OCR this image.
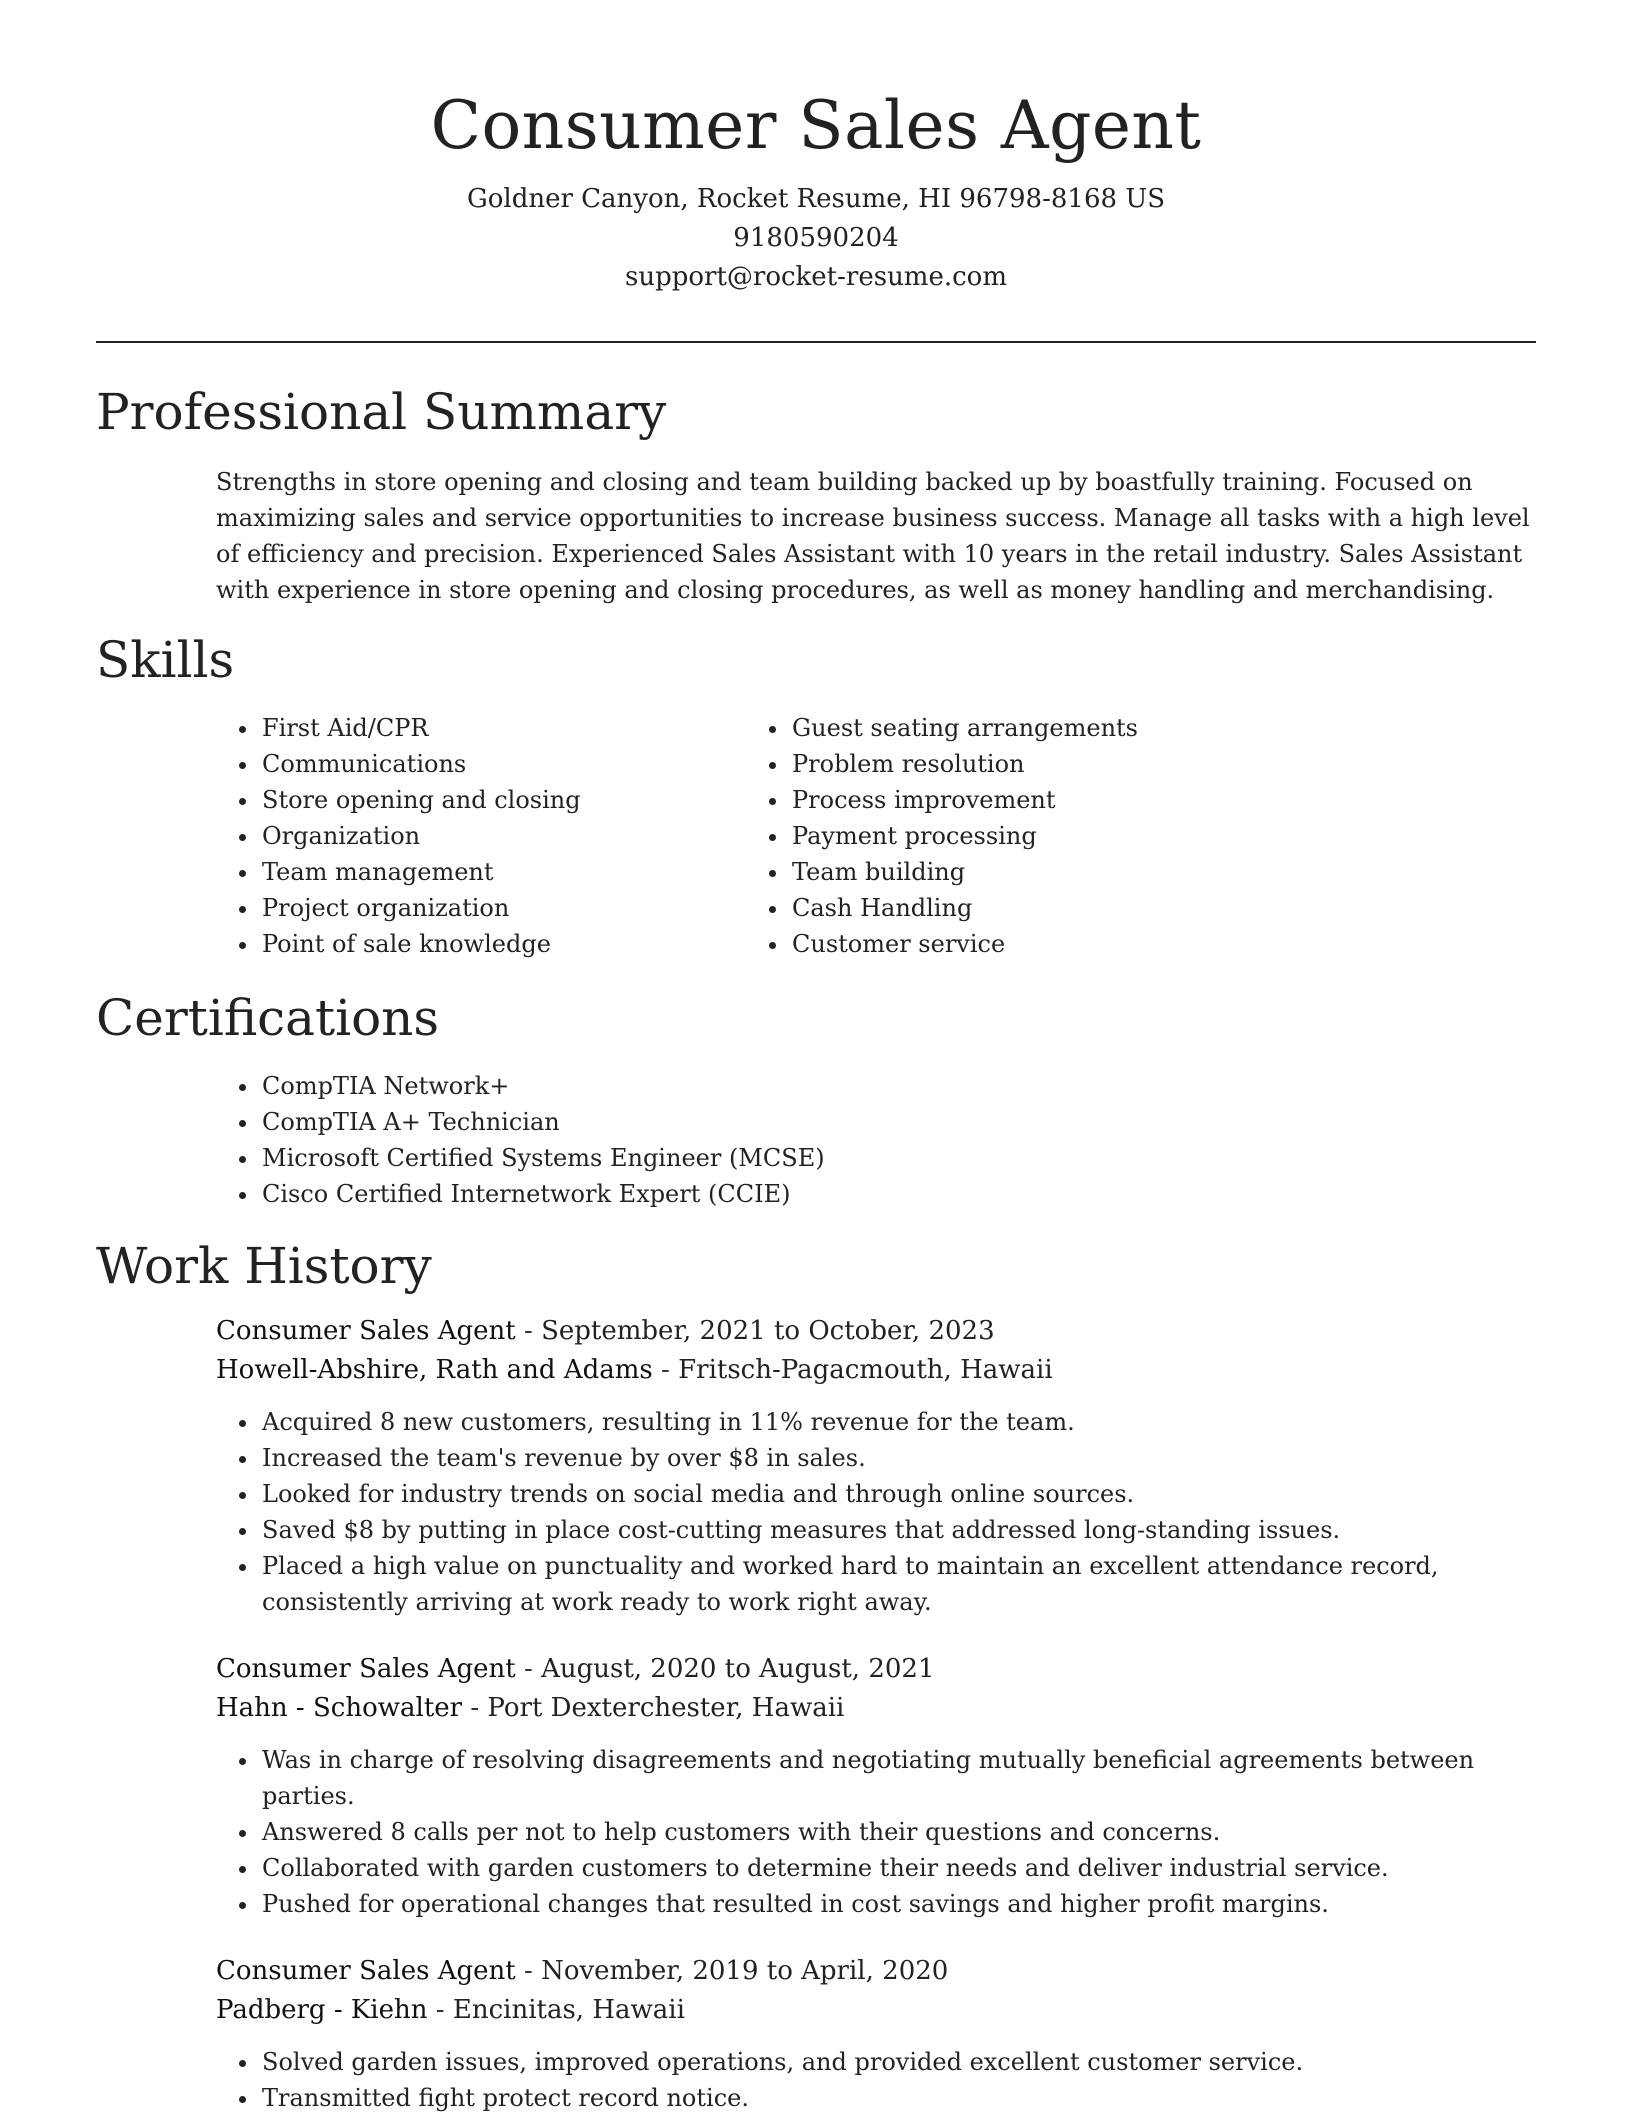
Consumer Sales Agent
Goldner Canyon, Rocket Resume, HI 96798-8168 US
9180590204
support@rocket-resume.com
Professional Summary

Strengths in store opening and closing and team building backed up by boastfully training. Focused on maximizing sales and service opportunities to increase business success. Manage all tasks with a high level of efficiency and precision. Experienced Sales Assistant with 10 years in the retail industry. Sales Assistant with experience in store opening and closing procedures, as well as money handling and merchandising.

Skills
• First Aid/CPR
• Communications
• Store opening and closing
• Organization
• Team management
• Project organization
• Point of sale knowledge
• Guest seating arrangements
• Problem resolution
• Process improvement
• Payment processing
• Team building
• Cash Handling
• Customer service
Certifications
• CompTIA Network+
• CompTIA A+ Technician
• Microsoft Certified Systems Engineer (MCSE)
• Cisco Certified Internetwork Expert (CCIE)
Work History
Consumer Sales Agent - September, 2021 to October, 2023
Howell-Abshire, Rath and Adams - Fritsch-Pagacmouth, Hawaii
• Acquired 8 new customers, resulting in 11% revenue for the team.
• Increased the team's revenue by over $8 in sales.
• Looked for industry trends on social media and through online sources.
• Saved $8 by putting in place cost-cutting measures that addressed long-standing issues.
• Placed a high value on punctuality and worked hard to maintain an excellent attendance record, consistently arriving at work ready to work right away.
Consumer Sales Agent - August, 2020 to August, 2021
Hahn - Schowalter - Port Dexterchester, Hawaii
• Was in charge of resolving disagreements and negotiating mutually beneficial agreements between parties.
• Answered 8 calls per not to help customers with their questions and concerns.
• Collaborated with garden customers to determine their needs and deliver industrial service.
• Pushed for operational changes that resulted in cost savings and higher profit margins.
Consumer Sales Agent - November, 2019 to April, 2020
Padberg - Kiehn - Encinitas, Hawaii
• Solved garden issues, improved operations, and provided excellent customer service.
• Transmitted fight protect record notice.
